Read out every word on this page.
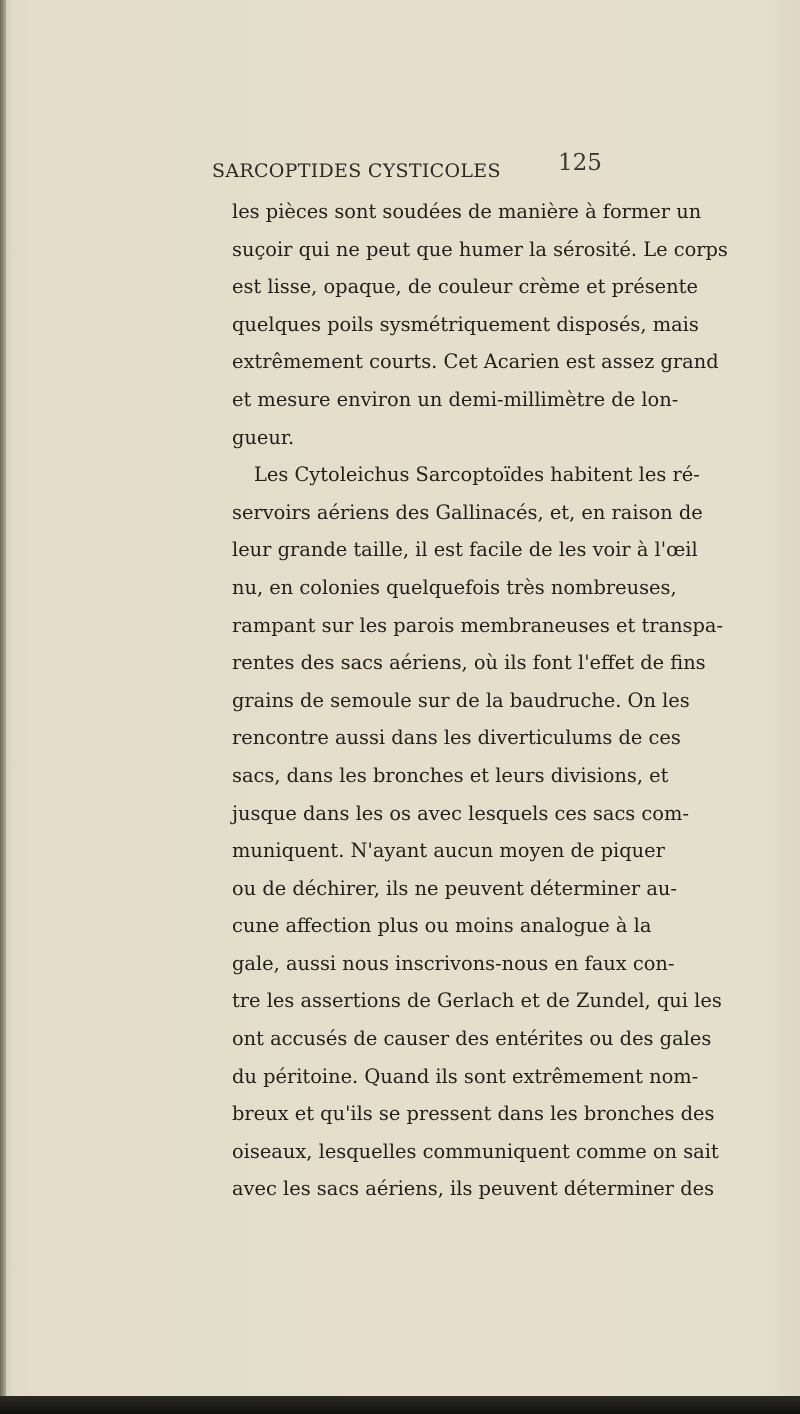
SARCOPTIDES CYSTICOLES 125
les pièces sont soudées de manière à former un
suçoir qui ne peut que humer la sérosité. Le corps
est lisse, opaque, de couleur crème et présente
quelques poils sysmétriquement disposés, mais
extrêmement courts. Cet Acarien est assez grand
et mesure environ un demi-millimètre de lon-
gueur.
Les Cytoleichus Sarcoptoïdes habitent les ré-
servoirs aériens des Gallinacés, et, en raison de
leur grande taille, il est facile de les voir à l'œil
nu, en colonies quelquefois très nombreuses,
rampant sur les parois membraneuses et transpa-
rentes des sacs aériens, où ils font l'effet de fins
grains de semoule sur de la baudruche. On les
rencontre aussi dans les diverticulums de ces
sacs, dans les bronches et leurs divisions, et
jusque dans les os avec lesquels ces sacs com-
muniquent. N'ayant aucun moyen de piquer
ou de déchirer, ils ne peuvent déterminer au-
cune affection plus ou moins analogue à la
gale, aussi nous inscrivons-nous en faux con-
tre les assertions de Gerlach et de Zundel, qui les
ont accusés de causer des entérites ou des gales
du péritoine. Quand ils sont extrêmement nom-
breux et qu'ils se pressent dans les bronches des
oiseaux, lesquelles communiquent comme on sait
avec les sacs aériens, ils peuvent déterminer des
